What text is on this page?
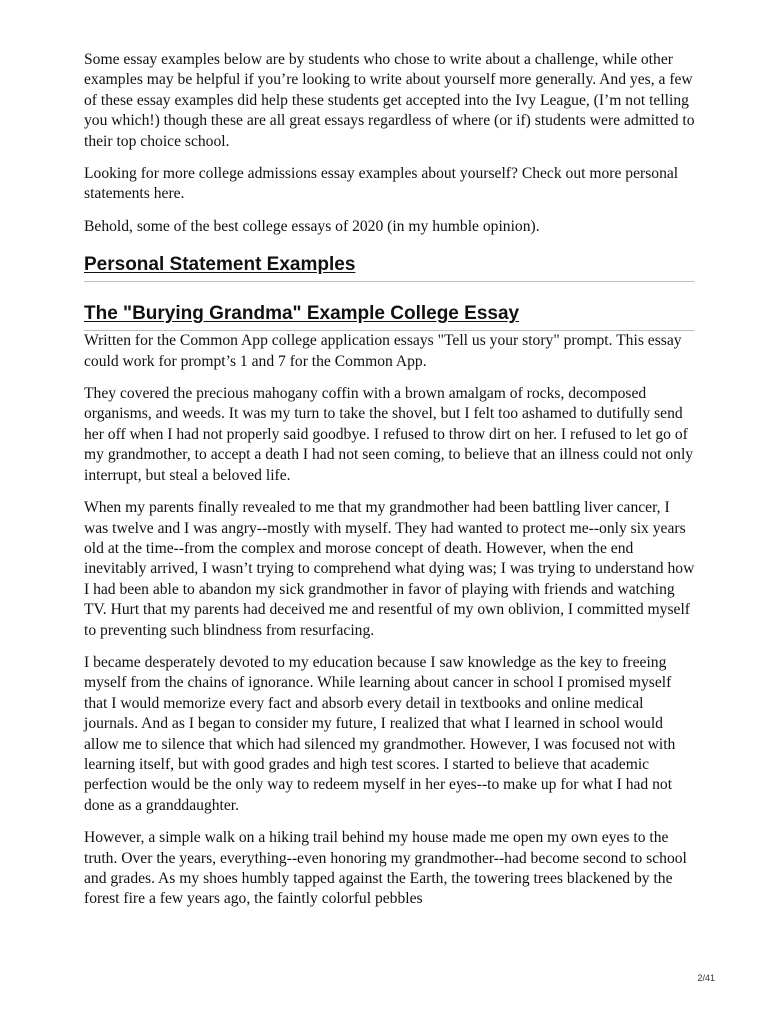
Some essay examples below are by students who chose to write about a challenge, while other examples may be helpful if you’re looking to write about yourself more generally. And yes, a few of these essay examples did help these students get accepted into the Ivy League, (I’m not telling you which!) though these are all great essays regardless of where (or if) students were admitted to their top choice school.

Looking for more college admissions essay examples about yourself? Check out more personal statements here.

Behold, some of the best college essays of 2020 (in my humble opinion).

Personal Statement Examples
The "Burying Grandma" Example College Essay

Written for the Common App college application essays "Tell us your story" prompt. This essay could work for prompt’s 1 and 7 for the Common App.

They covered the precious mahogany coffin with a brown amalgam of rocks, decomposed organisms, and weeds. It was my turn to take the shovel, but I felt too ashamed to dutifully send her off when I had not properly said goodbye. I refused to throw dirt on her. I refused to let go of my grandmother, to accept a death I had not seen coming, to believe that an illness could not only interrupt, but steal a beloved life.

When my parents finally revealed to me that my grandmother had been battling liver cancer, I was twelve and I was angry--mostly with myself. They had wanted to protect me--only six years old at the time--from the complex and morose concept of death. However, when the end inevitably arrived, I wasn’t trying to comprehend what dying was; I was trying to understand how I had been able to abandon my sick grandmother in favor of playing with friends and watching TV. Hurt that my parents had deceived me and resentful of my own oblivion, I committed myself to preventing such blindness from resurfacing.

I became desperately devoted to my education because I saw knowledge as the key to freeing myself from the chains of ignorance. While learning about cancer in school I promised myself that I would memorize every fact and absorb every detail in textbooks and online medical journals. And as I began to consider my future, I realized that what I learned in school would allow me to silence that which had silenced my grandmother. However, I was focused not with learning itself, but with good grades and high test scores. I started to believe that academic perfection would be the only way to redeem myself in her eyes--to make up for what I had not done as a granddaughter.

However, a simple walk on a hiking trail behind my house made me open my own eyes to the truth. Over the years, everything--even honoring my grandmother--had become second to school and grades. As my shoes humbly tapped against the Earth, the towering trees blackened by the forest fire a few years ago, the faintly colorful pebbles

2/41
